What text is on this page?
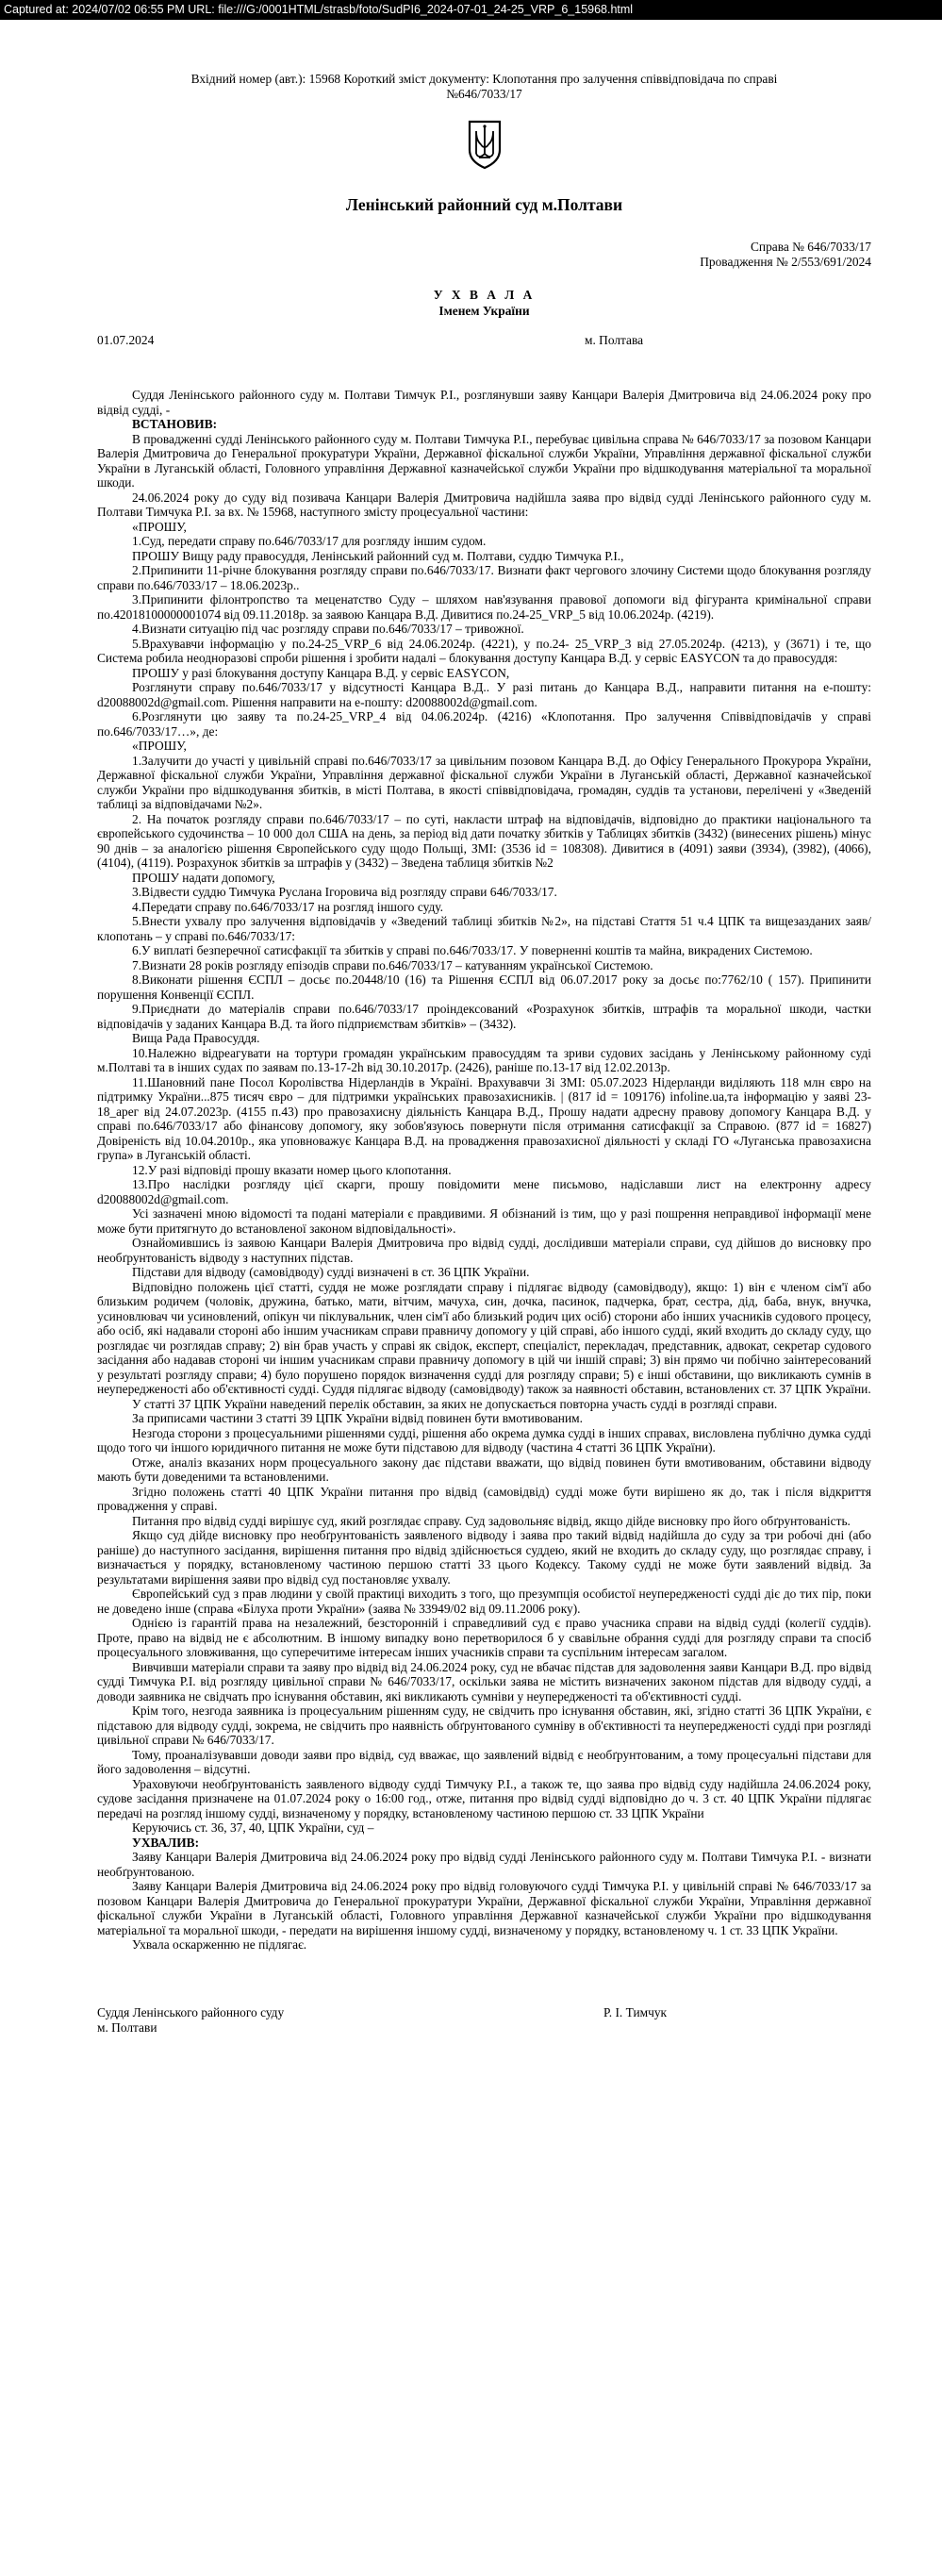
Captured at: 2024/07/02 06:55 PM URL: file:///G:/0001HTML/strasb/foto/SudPI6_2024-07-01_24-25_VRP_6_15968.html
Вхідний номер (авт.): 15968 Короткий зміст документу: Клопотання про залучення співвідповідача по справі №646/7033/17
Ленінський районний суд м.Полтави
Справа № 646/7033/17
Провадження № 2/553/691/2024
У Х В А Л А
Іменем України
01.07.2024	м. Полтава

Суддя Ленінського районного суду м. Полтави Тимчук Р.І., розглянувши заяву Канцари Валерія Дмитровича від 24.06.2024 року про відвід судді, -

ВСТАНОВИВ:

В провадженні судді Ленінського районного суду м. Полтави Тимчука Р.І., перебуває цивільна справа № 646/7033/17 за позовом Канцари Валерія Дмитровича до Генеральної прокуратури України, Державної фіскальної служби України, Управління державної фіскальної служби України в Луганській області, Головного управління Державної казначейської служби України про відшкодування матеріальної та моральної шкоди.

24.06.2024 року до суду від позивача Канцари Валерія Дмитровича надійшла заява про відвід судді Ленінського районного суду м. Полтави Тимчука Р.І. за вх. № 15968, наступного змісту процесуальної частини:

«ПРОШУ,

1.Суд, передати справу по.646/7033/17 для розгляду іншим судом.

ПРОШУ Вищу раду правосуддя, Ленінський районний суд м. Полтави, суддю Тимчука Р.І.,

2.Припинити 11-річне блокування розгляду справи по.646/7033/17. Визнати факт чергового злочину Системи щодо блокування розгляду справи по.646/7033/17 – 18.06.2023р..

3.Припинити філонтропство та меценатство Суду – шляхом нав'язування правової допомоги від фігуранта кримінальної справи по.42018100000001074 від 09.11.2018р. за заявою Канцара В.Д. Дивитися по.24-25_VRP_5 від 10.06.2024р. (4219).

4.Визнати ситуацію під час розгляду справи по.646/7033/17 – тривожної.

5.Врахувавчи інформацію у по.24-25_VRP_6 від 24.06.2024р. (4221), у по.24- 25_VRP_3 від 27.05.2024р. (4213), у (3671) і те, що Система робила неодноразові спроби рішення і зробити надалі – блокування доступу Канцара В.Д. у сервіс EASYCON та до правосуддя:

ПРОШУ у разі блокування доступу Канцара В.Д. у сервіс EASYCON,

Розглянути справу по.646/7033/17 у відсутності Канцара В.Д.. У разі питань до Канцара В.Д., направити питання на e-поштy: d20088002d@gmail.com. Рішення направити на e-поштy: d20088002d@gmail.com.

6.Розглянути цю заяву та по.24-25_VRP_4 від 04.06.2024р. (4216) «Клопотання. Про залучення Співвідповідачів у справі по.646/7033/17…», де:

«ПРОШУ,

1.Залучити до участі у цивільній справі по.646/7033/17 за цивільним позовом Канцара В.Д. до Офісу Генерального Прокурора України, Державної фіскальної служби України, Управління державної фіскальної служби України в Луганській області, Державної казначейської служби України про відшкодування збитків, в місті Полтава, в якості співвідповідача, громадян, суддів та установи, перелічені у «Зведеній таблиці за відповідачами №2».

2. На початок розгляду справи по.646/7033/17 – по суті, накласти штраф на відповідачів, відповідно до практики національного та європейського судочинства – 10 000 дол США на день, за період від дати початку збитків у Таблицях збитків (3432) (винесених рішень) мінус 90 днів – за аналогією рішення Європейського суду щодо Польщі, ЗМІ: (3536 id = 108308). Дивитися в (4091) заяви (3934), (3982), (4066), (4104), (4119). Розрахунок збитків за штрафів у (3432) – Зведена таблиця збитків №2

ПРОШУ надати допомогу,

3.Відвести суддю Тимчука Руслана Ігоровича від розгляду справи 646/7033/17.

4.Передати справу по.646/7033/17 на розгляд іншого суду.

5.Внести ухвалу про залучення відповідачів у «Зведений таблиці збитків №2», на підставі Стаття 51 ч.4 ЦПК та вищезазданих заяв/клопотань – у справі по.646/7033/17:

6.У виплаті безперечної сатисфакції та збитків у справі по.646/7033/17. У поверненні коштів та майна, викрадених Системою.

7.Визнати 28 років розгляду епізодів справи по.646/7033/17 – катуванням української Системою.

8.Виконати рішення ЄСПЛ – досьє по.20448/10 (16) та Рішення ЄСПЛ від 06.07.2017 року за досьє по:7762/10 ( 157). Припинити порушення Конвенції ЄСПЛ.

9.Приєднати до матеріалів справи по.646/7033/17 проіндексований «Розрахунок збитків, штрафів та моральної шкоди, частки відповідачів у заданих Канцара В.Д. та його підприємствам збитків» – (3432).

Вища Рада Правосуддя.

10.Належно відреагувати на тортури громадян українським правосуддям та зриви судових засідань у Ленінському районному суді м.Полтаві та в інших судах по заявам по.13-17-2h від 30.10.2017р. (2426), раніше по.13-17 від 12.02.2013р.

11.Шановний пане Посол Королівства Нідерландів в Україні. Врахувавчи Зі ЗМІ: 05.07.2023 Нідерланди виділяють 118 млн євро на підтримку України...875 тисяч євро – для підтримки українських правозахисників. | (817 id = 109176) infoline.ua,та інформацію у заяві 23-18_арег від 24.07.2023р. (4155 п.43) про правозахисну діяльність Канцара В.Д., Прошу надати адресну правову допомогу Канцара В.Д. у справі по.646/7033/17 або фінансову допомогу, яку зобов'язуюсь повернути після отримання сатисфакції за Справою. (877 id = 16827) Довіреність від 10.04.2010р., яка уповноважує Канцара В.Д. на провадження правозахисної діяльності у складі ГО «Луганська правозахисна група» в Луганській області.

12.У разі відповіді прошу вказати номер цього клопотання.

13.Про наслідки розгляду цієї скарги, прошу повідомити мене письмово, надіславши лист на електронну адресу d20088002d@gmail.com.

Усі зазначені мною відомості та подані матеріали є правдивими. Я обізнаний із тим, що у разі пошрення неправдивої інформації мене може бути притягнуто до встановленої законом відповідальності».

Ознайомившись із заявою Канцари Валерія Дмитровича про відвід судді, дослідивши матеріали справи, суд дійшов до висновку про необґрунтованість відводу з наступних підстав.

Підстави для відводу (самовідводу) судді визначені в ст. 36 ЦПК України.

Відповідно положень цієї статті, суддя не може розглядати справу і підлягає відводу (самовідводу), якщо: 1) він є членом сім'ї або близьким родичем (чоловік, дружина, батько, мати, вітчим, мачуха, син, дочка, пасинок, падчерка, брат, сестра, дід, баба, внук, внучка, усиновлювач чи усиновлений, опікун чи піклувальник, член сім'ї або близький родич цих осіб) сторони або інших учасників судового процесу, або осіб, які надавали стороні або іншим учасникам справи правничу допомогу у цій справі, або іншого судді, який входить до складу суду, що розглядає чи розглядав справу; 2) він брав участь у справі як свідок, експерт, спеціаліст, перекладач, представник, адвокат, секретар судового засідання або надавав стороні чи іншим учасникам справи правничу допомогу в цій чи іншій справі; 3) він прямо чи побічно заінтересований у результаті розгляду справи; 4) було порушено порядок визначення судді для розгляду справи; 5) є інші обставини, що викликають сумнів в неупередженості або об'єктивності судді. Суддя підлягає відводу (самовідводу) також за наявності обставин, встановлених ст. 37 ЦПК України.

У статті 37 ЦПК України наведений перелік обставин, за яких не допускається повторна участь судді в розгляді справи.

За приписами частини 3 статті 39 ЦПК України відвід повинен бути вмотивованим.

Незгода сторони з процесуальними рішеннями судді, рішення або окрема думка судді в інших справах, висловлена публічно думка судді щодо того чи іншого юридичного питання не може бути підставою для відводу (частина 4 статті 36 ЦПК України).

Отже, аналіз вказаних норм процесуального закону дає підстави вважати, що відвід повинен бути вмотивованим, обставини відводу мають бути доведеними та встановленими.

Згідно положень статті 40 ЦПК України питання про відвід (самовідвід) судді може бути вирішено як до, так і після відкриття провадження у справі.

Питання про відвід судді вирішує суд, який розглядає справу. Суд задовольняє відвід, якщо дійде висновку про його обґрунтованість.

Якщо суд дійде висновку про необґрунтованість заявленого відводу і заява про такий відвід надійшла до суду за три робочі дні (або раніше) до наступного засідання, вирішення питання про відвід здійснюється суддею, який не входить до складу суду, що розглядає справу, і визначається у порядку, встановленому частиною першою статті 33 цього Кодексу. Такому судді не може бути заявлений відвід. За результатами вирішення заяви про відвід суд постановляє ухвалу.

Європейський суд з прав людини у своїй практиці виходить з того, що презумпція особистої неупередженості судді діє до тих пір, поки не доведено інше (справа «Білуха проти України» (заява № 33949/02 від 09.11.2006 року).

Однією із гарантій права на незалежний, безсторонній і справедливий суд є право учасника справи на відвід судді (колегії суддів). Проте, право на відвід не є абсолютним. В іншому випадку воно перетворилося б у свавільне обрання судді для розгляду справи та спосіб процесуального зловживання, що суперечитиме інтересам інших учасників справи та суспільним інтересам загалом.

Вивчивши матеріали справи та заяву про відвід від 24.06.2024 року, суд не вбачає підстав для задоволення заяви Канцари В.Д. про відвід судді Тимчука Р.І. від розгляду цивільної справи № 646/7033/17, оскільки заява не містить визначених законом підстав для відводу судді, а доводи заявника не свідчать про існування обставин, які викликають сумніви у неупередженості та об'єктивності судді.

Крім того, незгода заявника із процесуальним рішенням суду, не свідчить про існування обставин, які, згідно статті 36 ЦПК України, є підставою для відводу судді, зокрема, не свідчить про наявність обґрунтованого сумніву в об'єктивності та неупередженості судді при розгляді цивільної справи № 646/7033/17.

Тому, проаналізувавши доводи заяви про відвід, суд вважає, що заявлений відвід є необґрунтованим, а тому процесуальні підстави для його задоволення – відсутні.

Ураховуючи необґрунтованість заявленого відводу судді Тимчуку Р.І., а також те, що заява про відвід суду надійшла 24.06.2024 року, судове засідання призначене на 01.07.2024 року о 16:00 год., отже, питання про відвід судді відповідно до ч. 3 ст. 40 ЦПК України підлягає передачі на розгляд іншому судді, визначеному у порядку, встановленому частиною першою ст. 33 ЦПК України

Керуючись ст. 36, 37, 40, ЦПК України, суд –

УХВАЛИВ:

Заяву Канцари Валерія Дмитровича від 24.06.2024 року про відвід судді Ленінського районного суду м. Полтави Тимчука Р.І. - визнати необґрунтованою.

Заяву Канцари Валерія Дмитровича від 24.06.2024 року про відвід головуючого судді Тимчука Р.І. у цивільній справі № 646/7033/17 за позовом Канцари Валерія Дмитровича до Генеральної прокуратури України, Державної фіскальної служби України, Управління державної фіскальної служби України в Луганській області, Головного управління Державної казначейської служби України про відшкодування матеріальної та моральної шкоди, - передати на вирішення іншому судді, визначеному у порядку, встановленому ч. 1 ст. 33 ЦПК України.

Ухвала оскарженню не підлягає.

Суддя Ленінського районного суду
м. Полтави
Р. І. Тимчук
